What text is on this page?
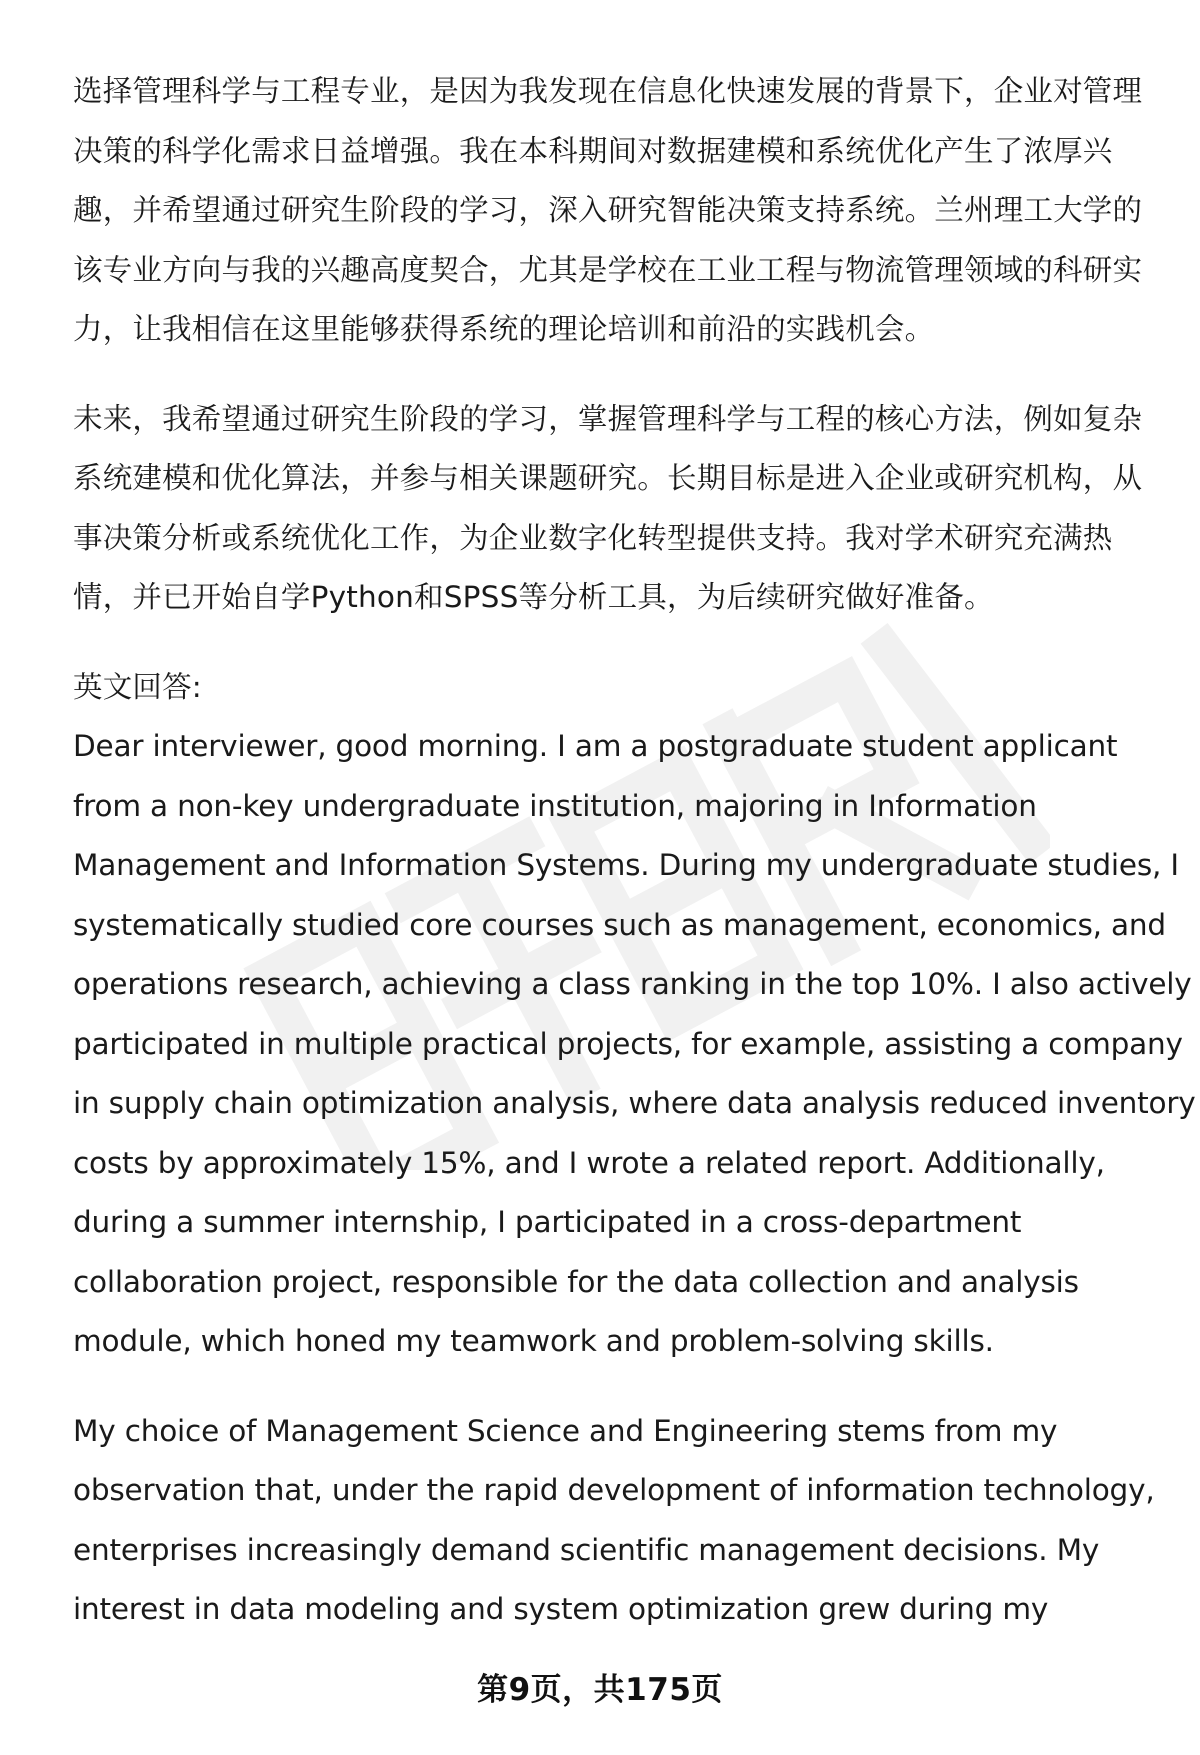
选择管理科学与工程专业，是因为我发现在信息化快速发展的背景下，企业对管理
决策的科学化需求日益增强。我在本科期间对数据建模和系统优化产生了浓厚兴
趣，并希望通过研究生阶段的学习，深入研究智能决策支持系统。兰州理工大学的
该专业方向与我的兴趣高度契合，尤其是学校在工业工程与物流管理领域的科研实
力，让我相信在这里能够获得系统的理论培训和前沿的实践机会。
未来，我希望通过研究生阶段的学习，掌握管理科学与工程的核心方法，例如复杂
系统建模和优化算法，并参与相关课题研究。长期目标是进入企业或研究机构，从
事决策分析或系统优化工作，为企业数字化转型提供支持。我对学术研究充满热
情，并已开始自学Python和SPSS等分析工具，为后续研究做好准备。

英文回答:

Dear interviewer, good morning. I am a postgraduate student applicant
from a non-key undergraduate institution, majoring in Information
Management and Information Systems. During my undergraduate studies, I
systematically studied core courses such as management, economics, and
operations research, achieving a class ranking in the top 10%. I also actively
participated in multiple practical projects, for example, assisting a company
in supply chain optimization analysis, where data analysis reduced inventory
costs by approximately 15%, and I wrote a related report. Additionally,
during a summer internship, I participated in a cross-department
collaboration project, responsible for the data collection and analysis
module, which honed my teamwork and problem-solving skills.
My choice of Management Science and Engineering stems from my
observation that, under the rapid development of information technology,
enterprises increasingly demand scientific management decisions. My
interest in data modeling and system optimization grew during my
第9页，共175页
